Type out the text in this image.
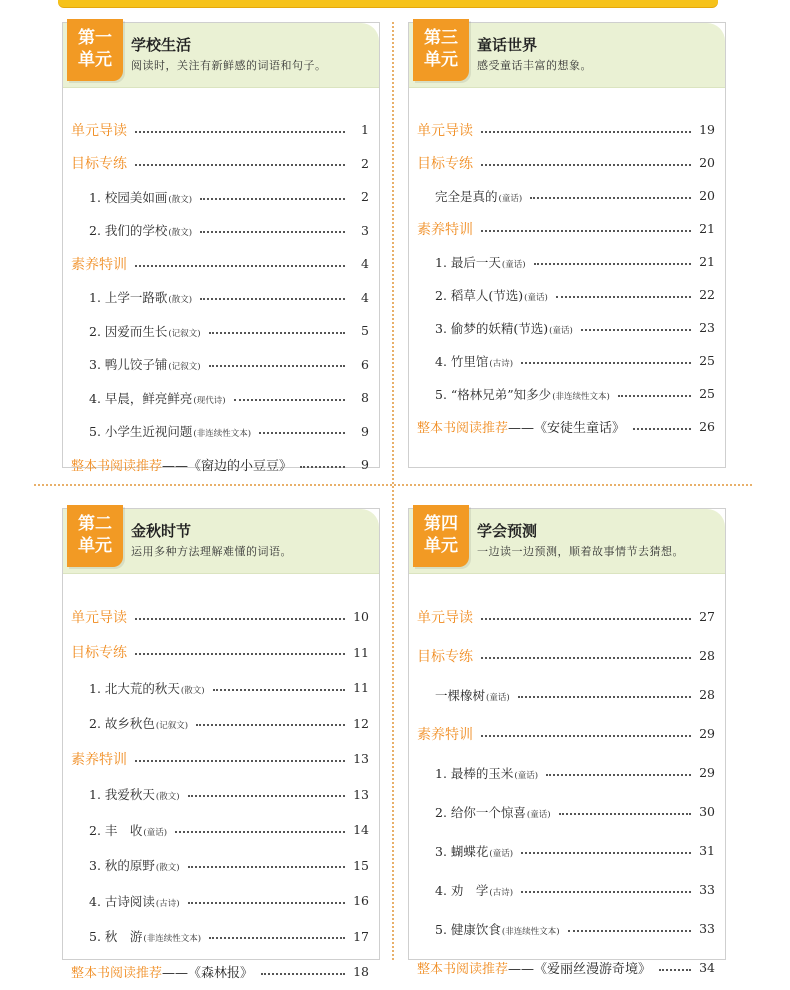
第一
单元
学校生活
阅读时，关注有新鲜感的词语和句子。
单元导读	1
目标专练	2
1. 校园美如画(散文)	2
2. 我们的学校(散文)	3
素养特训	4
1. 上学一路歌(散文)	4
2. 因爱而生长(记叙文)	5
3. 鸭儿饺子铺(记叙文)	6
4. 早晨，鲜亮鲜亮(现代诗)	8
5. 小学生近视问题(非连续性文本)	9
整本书阅读推荐——《窗边的小豆豆》	9
第三
单元
童话世界
感受童话丰富的想象。
单元导读	19
目标专练	20
完全是真的(童话)	20
素养特训	21
1. 最后一天(童话)	21
2. 稻草人(节选)(童话)	22
3. 偷梦的妖精(节选)(童话)	23
4. 竹里馆(古诗)	25
5. “格林兄弟”知多少(非连续性文本)	25
整本书阅读推荐——《安徒生童话》	26
第二
单元
金秋时节
运用多种方法理解难懂的词语。
单元导读	10
目标专练	11
1. 北大荒的秋天(散文)	11
2. 故乡秋色(记叙文)	12
素养特训	13
1. 我爱秋天(散文)	13
2. 丰　收(童话)	14
3. 秋的原野(散文)	15
4. 古诗阅读(古诗)	16
5. 秋　游(非连续性文本)	17
整本书阅读推荐——《森林报》	18
第四
单元
学会预测
一边读一边预测，顺着故事情节去猜想。
单元导读	27
目标专练	28
一棵橡树(童话)	28
素养特训	29
1. 最棒的玉米(童话)	29
2. 给你一个惊喜(童话)	30
3. 蝴蝶花(童话)	31
4. 劝　学(古诗)	33
5. 健康饮食(非连续性文本)	33
整本书阅读推荐——《爱丽丝漫游奇境》	34
